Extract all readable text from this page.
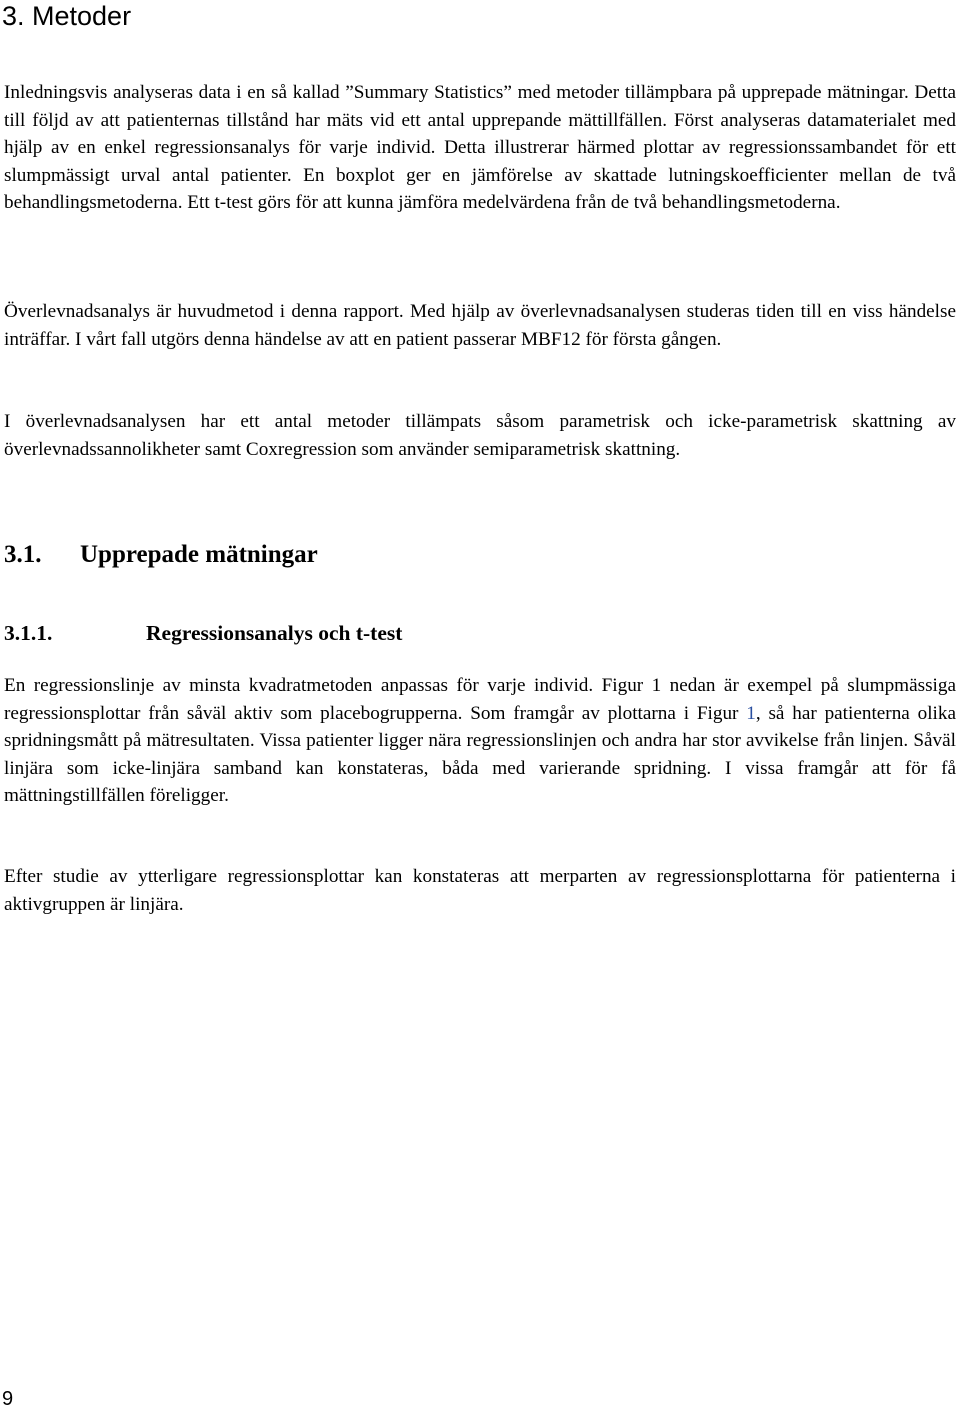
3. Metoder

Inledningsvis analyseras data i en så kallad ”Summary Statistics” med metoder tillämpbara på upprepade mätningar. Detta till följd av att patienternas tillstånd har mäts vid ett antal upprepande mättillfällen. Först analyseras datamaterialet med hjälp av en enkel regressionsanalys för varje individ. Detta illustrerar härmed plottar av regressionssambandet för ett slumpmässigt urval antal patienter. En boxplot ger en jämförelse av skattade lutningskoefficienter mellan de två behandlingsmetoderna. Ett t-test görs för att kunna jämföra medelvärdena från de två behandlingsmetoderna.

Överlevnadsanalys är huvudmetod i denna rapport. Med hjälp av överlevnadsanalysen studeras tiden till en viss händelse inträffar. I vårt fall utgörs denna händelse av att en patient passerar MBF12 för första gången.

I överlevnadsanalysen har ett antal metoder tillämpats såsom parametrisk och icke-parametrisk skattning av överlevnadssannolikheter samt Coxregression som använder semiparametrisk skattning.

3.1. Upprepade mätningar
3.1.1.	Regressionsanalys och t-test

En regressionslinje av minsta kvadratmetoden anpassas för varje individ. Figur 1 nedan är exempel på slumpmässiga regressionsplottar från såväl aktiv som placebogrupperna. Som framgår av plottarna i Figur 1, så har patienterna olika spridningsmått på mätresultaten. Vissa patienter ligger nära regressionslinjen och andra har stor avvikelse från linjen. Såväl linjära som icke-linjära samband kan konstateras, båda med varierande spridning. I vissa framgår att för få mättningstillfällen föreligger.

Efter studie av ytterligare regressionsplottar kan konstateras att merparten av regressionsplottarna för patienterna i aktivgruppen är linjära.

9
